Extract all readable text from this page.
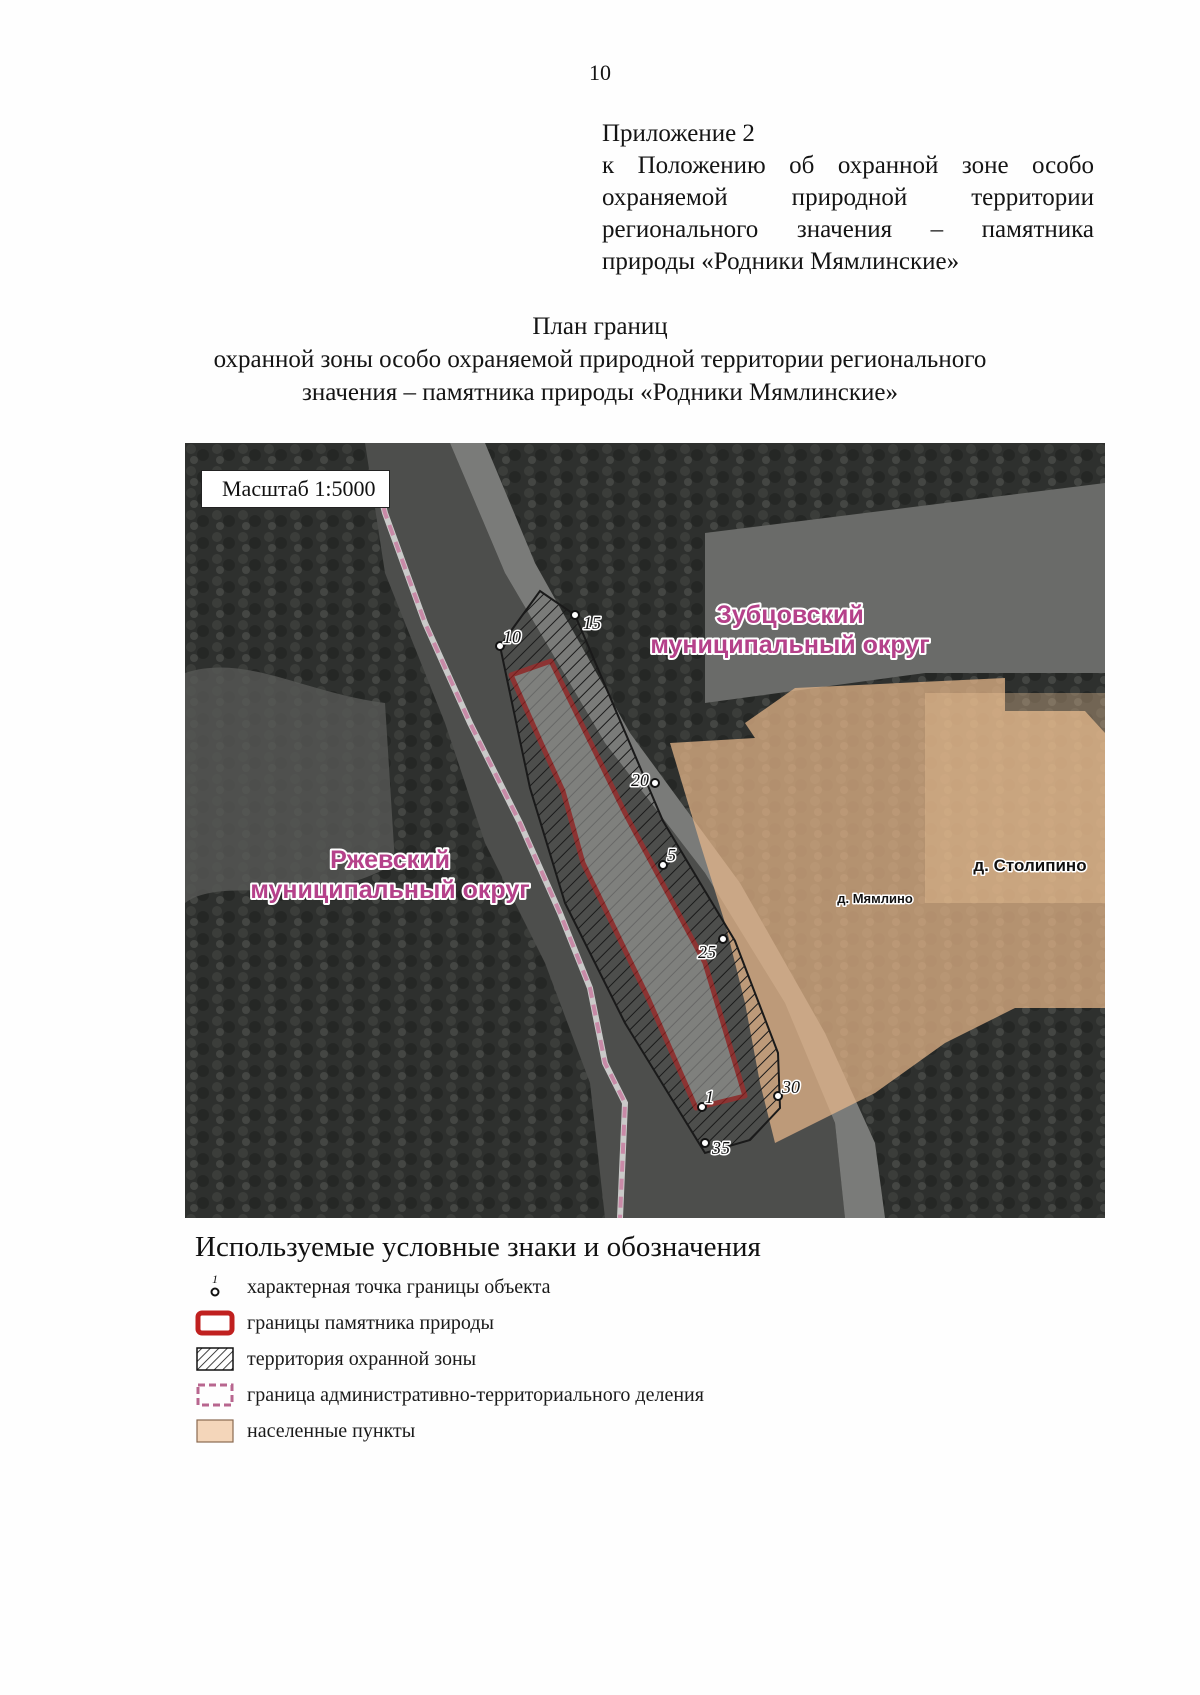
10
Приложение 2
к Положению об охранной зоне особо
охраняемой природной территории
регионального значения – памятника
природы «Родники Мямлинские»
План границ
охранной зоны особо охраняемой природной территории регионального
значения – памятника природы «Родники Мямлинские»
10
15
20
5
25
1	30
35
Зубцовский
муниципальный округ
Ржевский
муниципальный округ
д. Столипино
д. Мямлино
Масштаб 1:5000
Используемые условные знаки и обозначения
1 характерная точка границы объекта
границы памятника природы
территория охранной зоны
граница административно-территориального деления
населенные пункты
